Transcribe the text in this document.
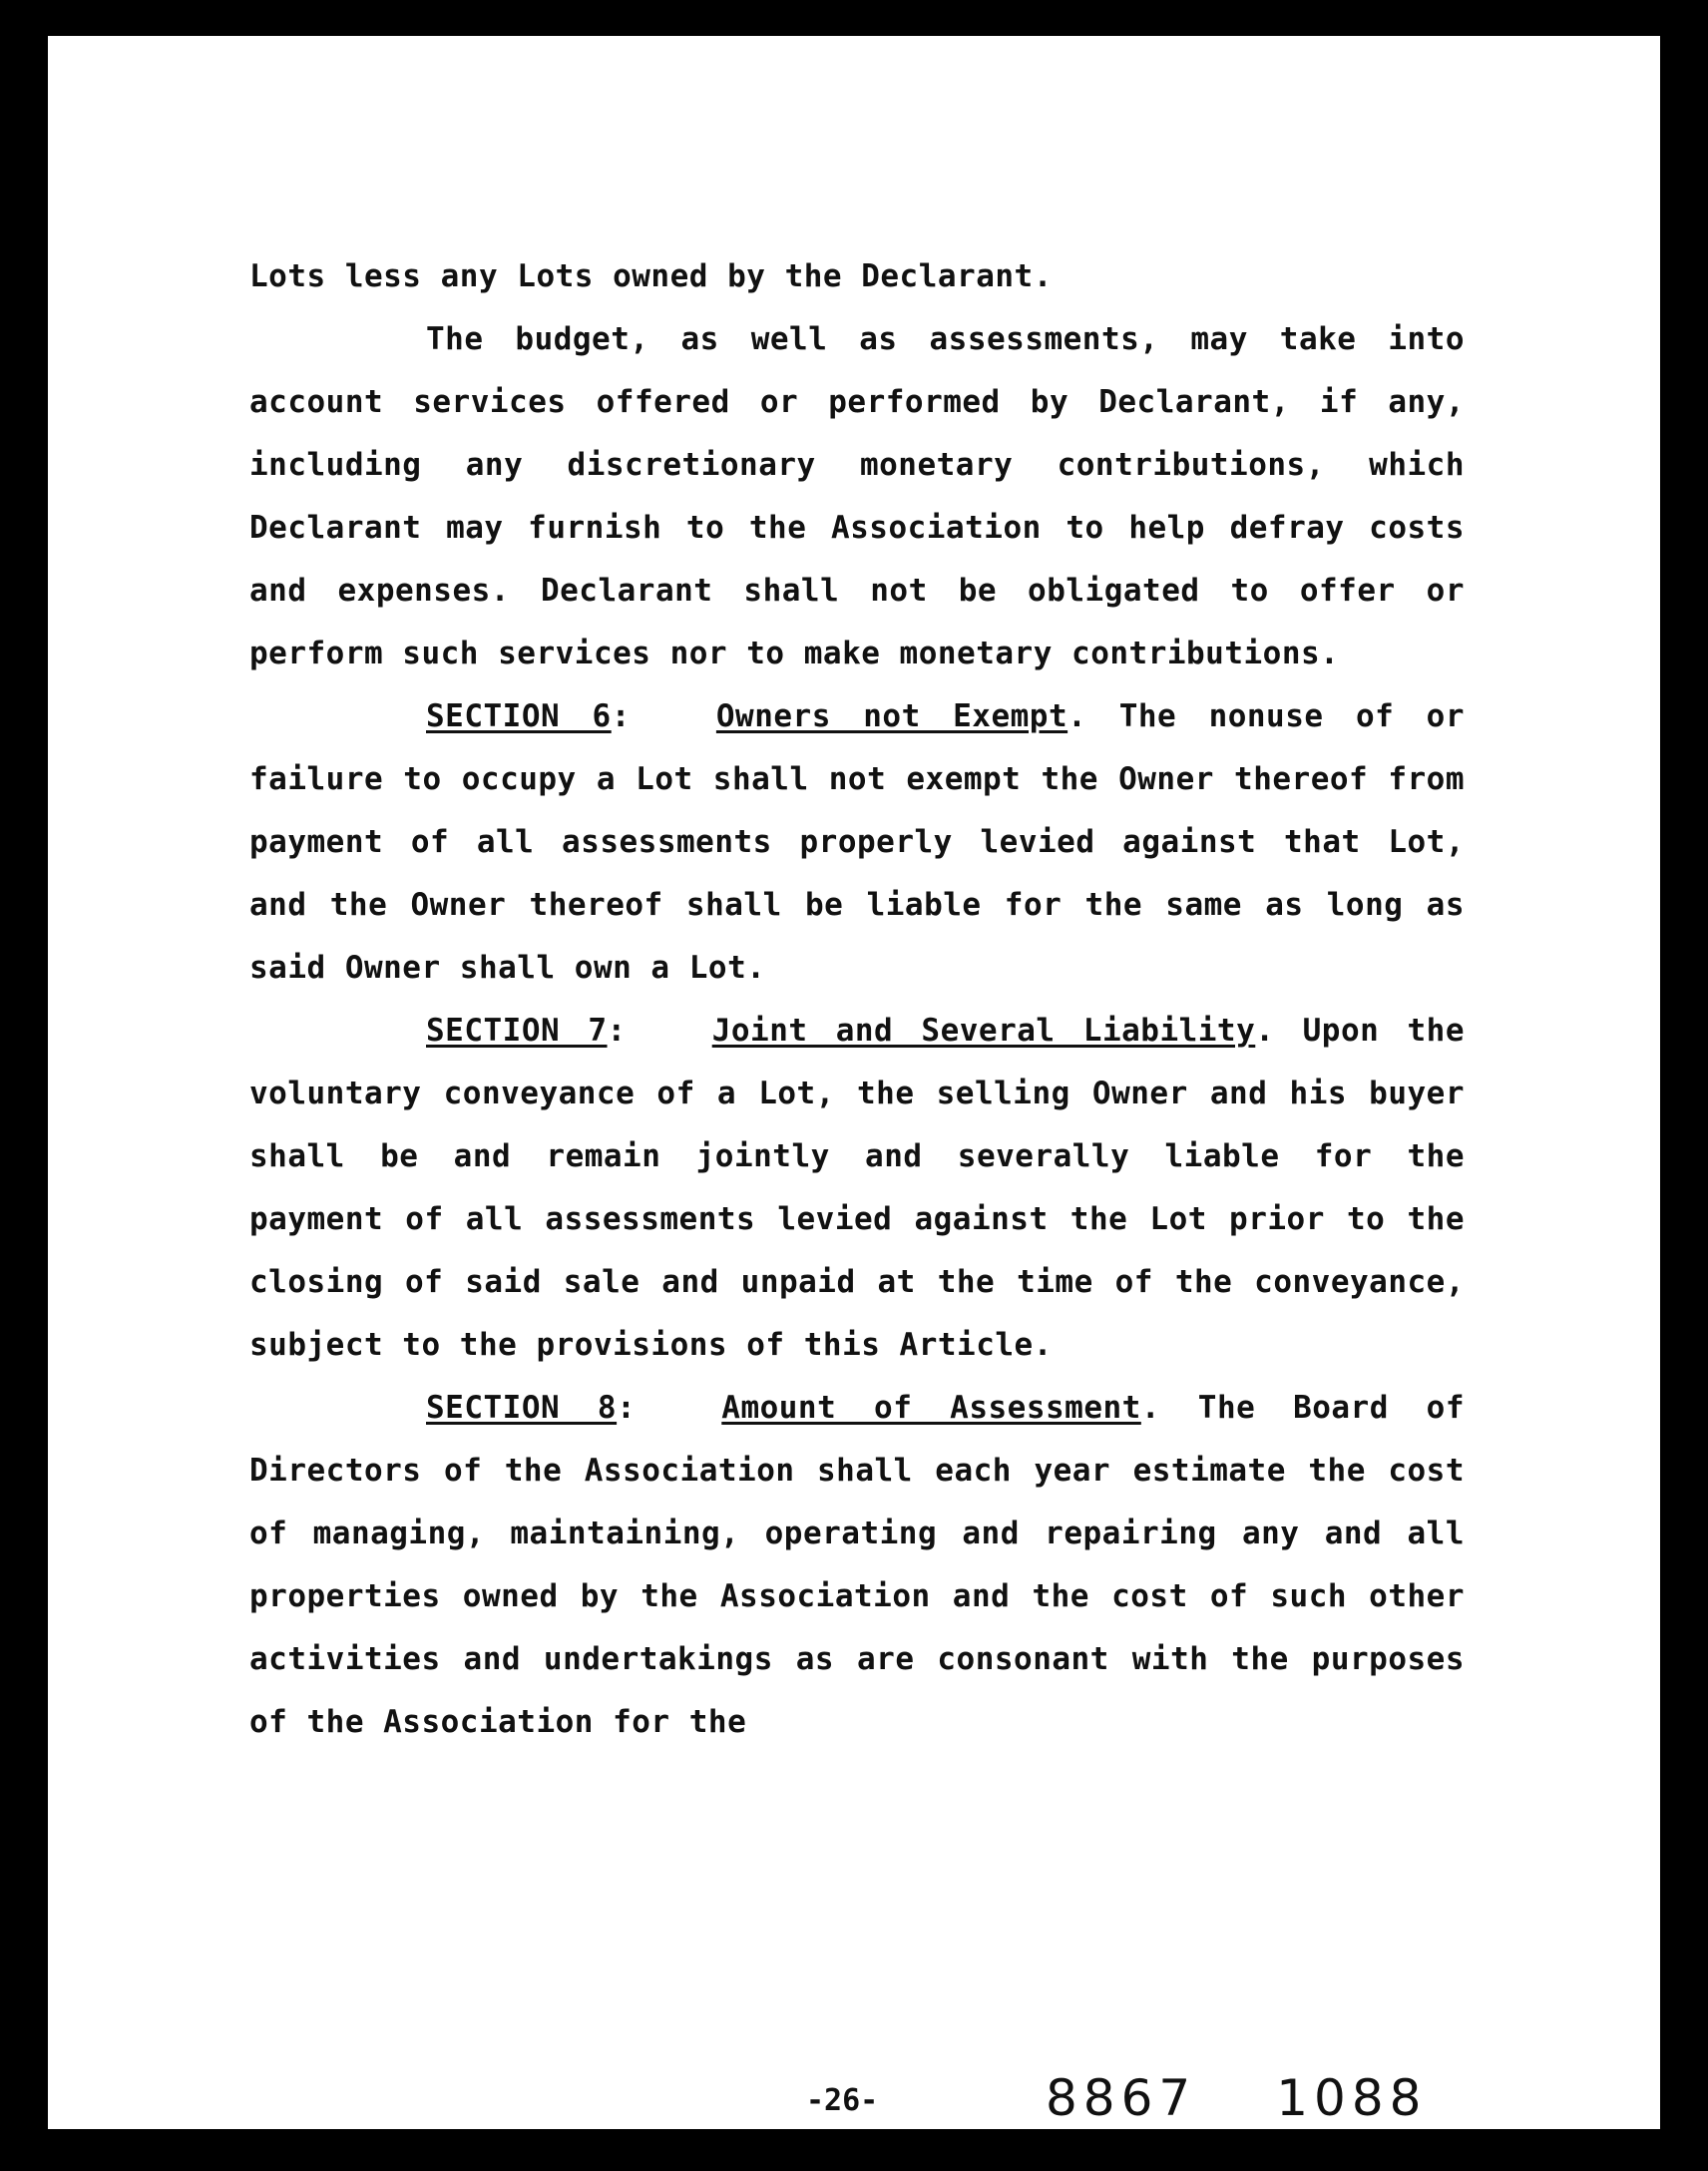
Lots less any Lots owned by the Declarant.

The budget, as well as assessments, may take into account services offered or performed by Declarant, if any, including any discretionary monetary contributions, which Declarant may furnish to the Association to help defray costs and expenses. Declarant shall not be obligated to offer or perform such services nor to make monetary contributions.

SECTION 6:	Owners not Exempt. The nonuse of or failure to occupy a Lot shall not exempt the Owner thereof from payment of all assessments properly levied against that Lot, and the Owner thereof shall be liable for the same as long as said Owner shall own a Lot.

SECTION 7:	Joint and Several Liability. Upon the voluntary conveyance of a Lot, the selling Owner and his buyer shall be and remain jointly and severally liable for the payment of all assessments levied against the Lot prior to the closing of said sale and unpaid at the time of the conveyance, subject to the provisions of this Article.

SECTION 8:	Amount of Assessment. The Board of Directors of the Association shall each year estimate the cost of managing, maintaining, operating and repairing any and all properties owned by the Association and the cost of such other activities and undertakings as are consonant with the purposes of the Association for the

-26-	8867 1088
